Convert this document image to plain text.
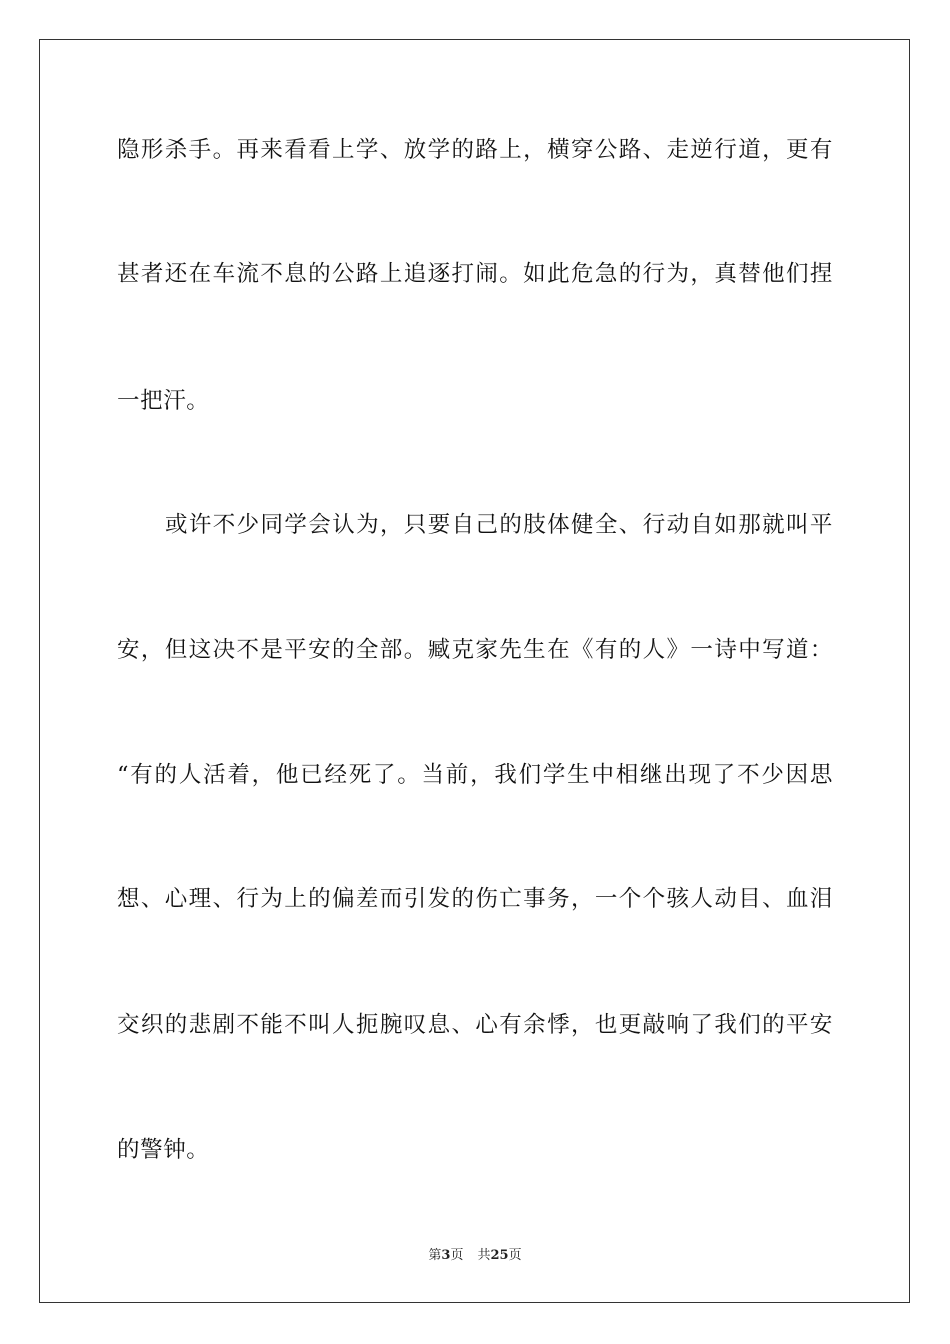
隐形杀手。再来看看上学、放学的路上，横穿公路、走逆行道，更有
甚者还在车流不息的公路上追逐打闹。如此危急的行为，真替他们捏
一把汗。
或许不少同学会认为，只要自己的肢体健全、行动自如那就叫平
安，但这决不是平安的全部。臧克家先生在《有的人》一诗中写道：
“有的人活着，他已经死了。当前，我们学生中相继出现了不少因思
想、心理、行为上的偏差而引发的伤亡事务，一个个骇人动目、血泪
交织的悲剧不能不叫人扼腕叹息、心有余悸，也更敲响了我们的平安
的警钟。
第3页 共25页
